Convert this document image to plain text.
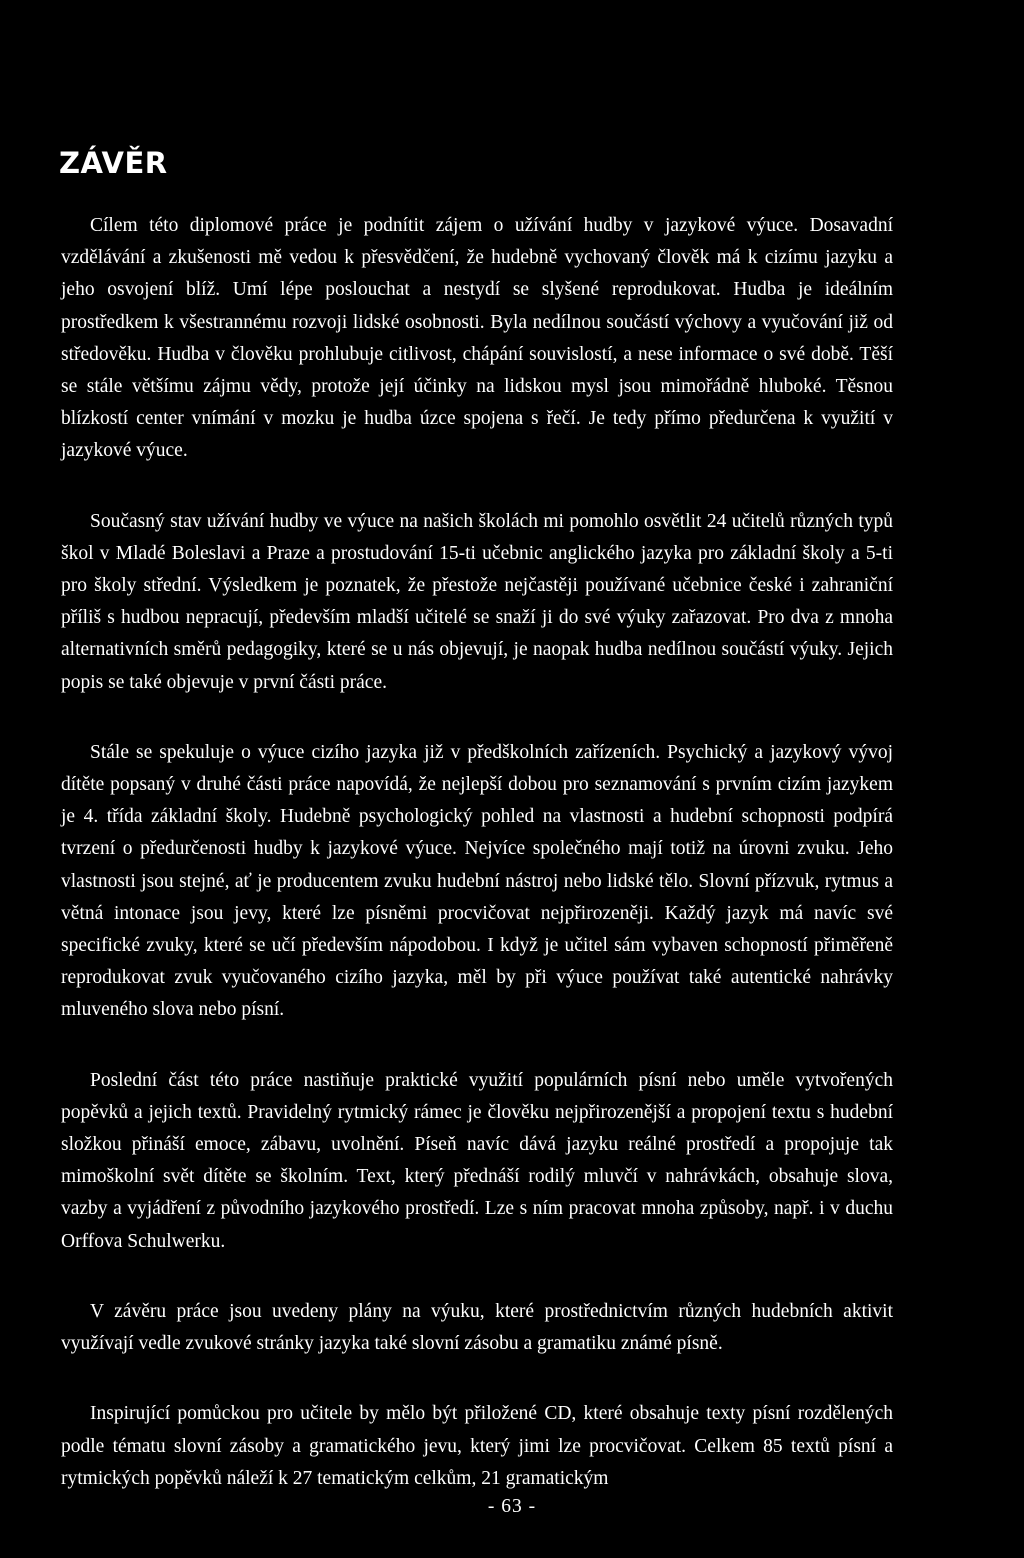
ZÁVĚR

Cílem této diplomové práce je podnítit zájem o užívání hudby v jazykové výuce. Dosavadní vzdělávání a zkušenosti mě vedou k přesvědčení, že hudebně vychovaný člověk má k cizímu jazyku a jeho osvojení blíž. Umí lépe poslouchat a nestydí se slyšené reprodukovat. Hudba je ideálním prostředkem k všestrannému rozvoji lidské osobnosti. Byla nedílnou součástí výchovy a vyučování již od středověku. Hudba v člověku prohlubuje citlivost, chápání souvislostí, a nese informace o své době. Těší se stále většímu zájmu vědy, protože její účinky na lidskou mysl jsou mimořádně hluboké. Těsnou blízkostí center vnímání v mozku je hudba úzce spojena s řečí. Je tedy přímo předurčena k využití v jazykové výuce.

Současný stav užívání hudby ve výuce na našich školách mi pomohlo osvětlit 24 učitelů různých typů škol v Mladé Boleslavi a Praze a prostudování 15-ti učebnic anglického jazyka pro základní školy a 5-ti pro školy střední. Výsledkem je poznatek, že přestože nejčastěji používané učebnice české i zahraniční příliš s hudbou nepracují, především mladší učitelé se snaží ji do své výuky zařazovat. Pro dva z mnoha alternativních směrů pedagogiky, které se u nás objevují, je naopak hudba nedílnou součástí výuky. Jejich popis se také objevuje v první části práce.

Stále se spekuluje o výuce cizího jazyka již v předškolních zařízeních. Psychický a jazykový vývoj dítěte popsaný v druhé části práce napovídá, že nejlepší dobou pro seznamování s prvním cizím jazykem je 4. třída základní školy. Hudebně psychologický pohled na vlastnosti a hudební schopnosti podpírá tvrzení o předurčenosti hudby k jazykové výuce. Nejvíce společného mají totiž na úrovni zvuku. Jeho vlastnosti jsou stejné, ať je producentem zvuku hudební nástroj nebo lidské tělo. Slovní přízvuk, rytmus a větná intonace jsou jevy, které lze písněmi procvičovat nejpřirozeněji. Každý jazyk má navíc své specifické zvuky, které se učí především nápodobou. I když je učitel sám vybaven schopností přiměřeně reprodukovat zvuk vyučovaného cizího jazyka, měl by při výuce používat také autentické nahrávky mluveného slova nebo písní.

Poslední část této práce nastiňuje praktické využití populárních písní nebo uměle vytvořených popěvků a jejich textů. Pravidelný rytmický rámec je člověku nejpřirozenější a propojení textu s hudební složkou přináší emoce, zábavu, uvolnění. Píseň navíc dává jazyku reálné prostředí a propojuje tak mimoškolní svět dítěte se školním. Text, který přednáší rodilý mluvčí v nahrávkách, obsahuje slova, vazby a vyjádření z původního jazykového prostředí. Lze s ním pracovat mnoha způsoby, např. i v duchu Orffova Schulwerku.

V závěru práce jsou uvedeny plány na výuku, které prostřednictvím různých hudebních aktivit využívají vedle zvukové stránky jazyka také slovní zásobu a gramatiku známé písně.

Inspirující pomůckou pro učitele by mělo být přiložené CD, které obsahuje texty písní rozdělených podle tématu slovní zásoby a gramatického jevu, který jimi lze procvičovat. Celkem 85 textů písní a rytmických popěvků náleží k 27 tematickým celkům, 21 gramatickým

- 63 -
